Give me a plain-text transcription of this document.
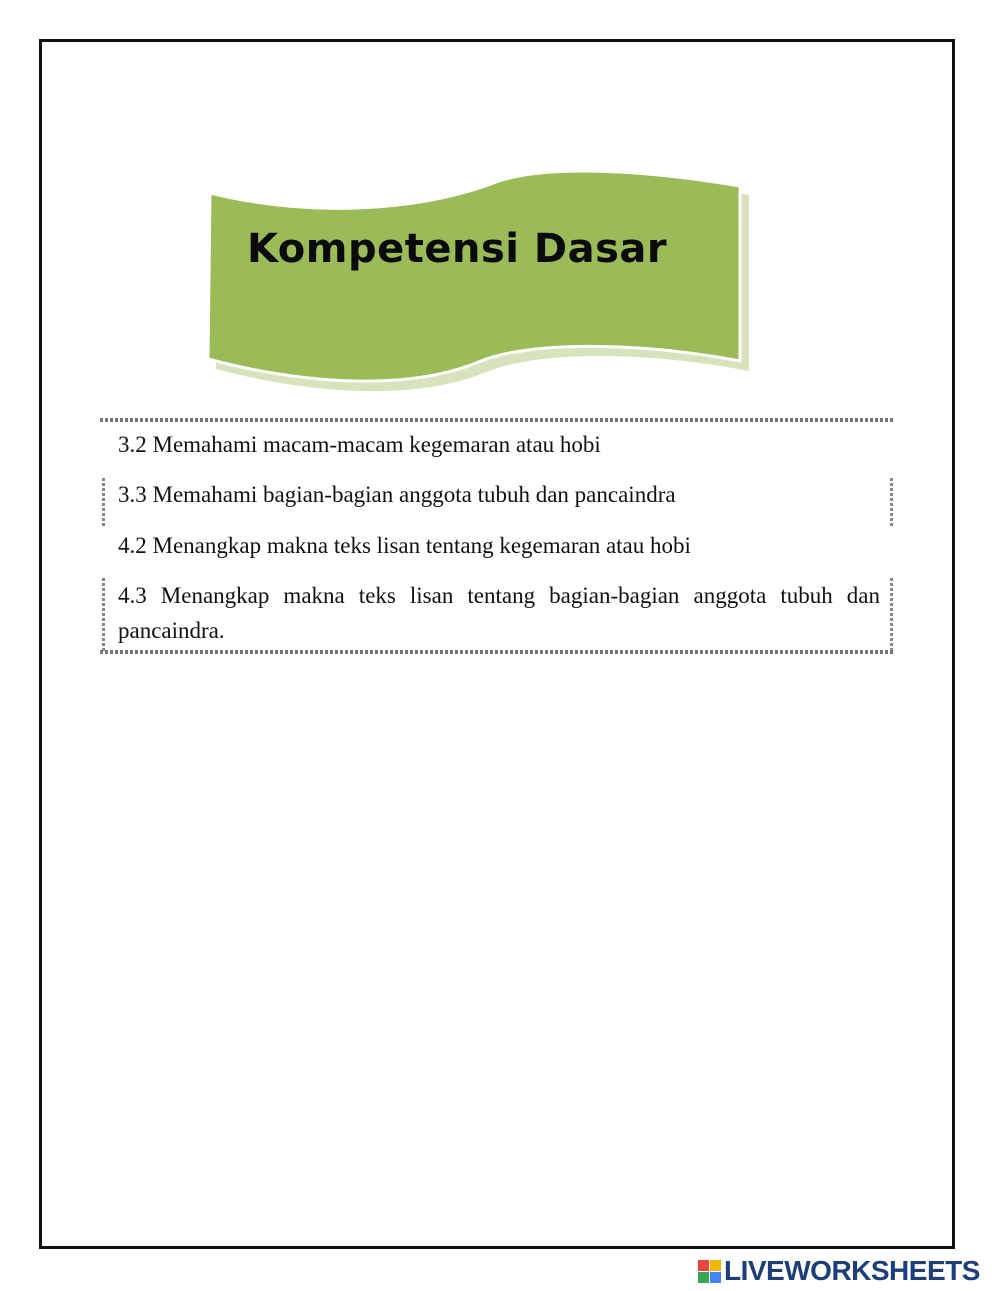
Kompetensi Dasar
3.2 Memahami macam-macam kegemaran atau hobi
3.3 Memahami bagian-bagian anggota tubuh dan pancaindra
4.2 Menangkap makna teks lisan tentang kegemaran atau hobi
4.3 Menangkap makna teks lisan tentang bagian-bagian anggota tubuh dan pancaindra.
LIVEWORKSHEETS
